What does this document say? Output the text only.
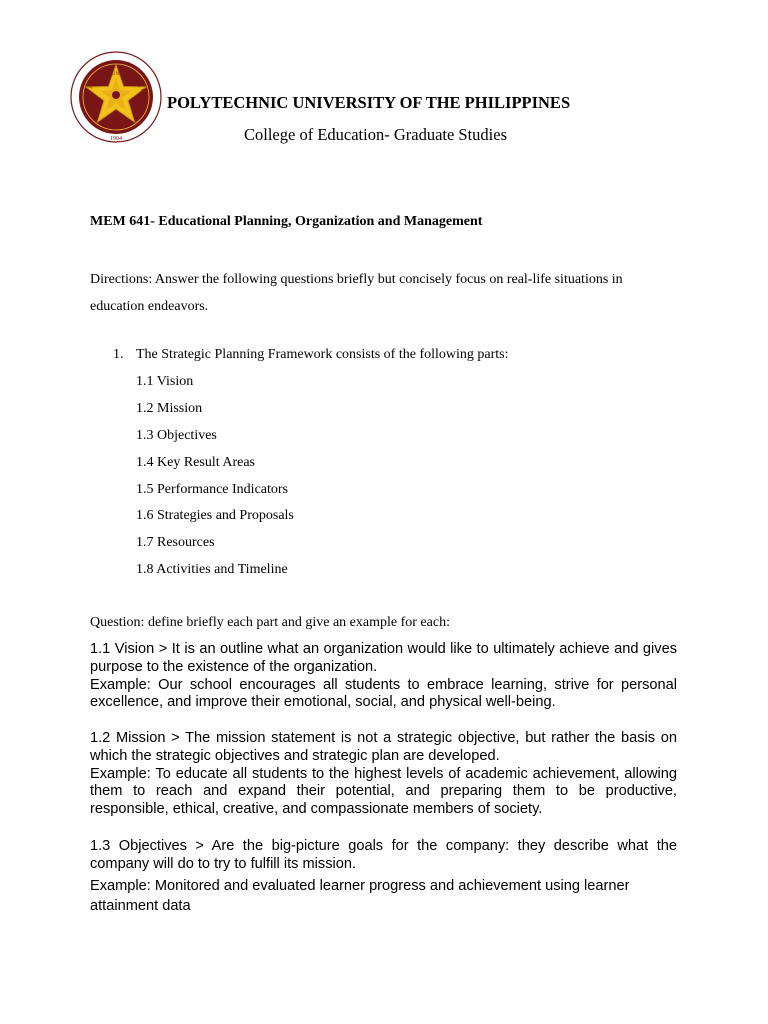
POLYTECHNIC UNIVERSITY OF TH
1904
POLYTECHNIC UNIVERSITY OF THE PHILIPPINES
College of Education- Graduate Studies
MEM 641- Educational Planning, Organization and Management
Directions: Answer the following questions briefly but concisely focus on real-life situations in education endeavors.
1. The Strategic Planning Framework consists of the following parts:
1.1 Vision
1.2 Mission
1.3 Objectives
1.4 Key Result Areas
1.5 Performance Indicators
1.6 Strategies and Proposals
1.7 Resources
1.8 Activities and Timeline
Question: define briefly each part and give an example for each:

1.1 Vision > It is an outline what an organization would like to ultimately achieve and gives purpose to the existence of the organization.

Example: Our school encourages all students to embrace learning, strive for personal excellence, and improve their emotional, social, and physical well-being.

1.2 Mission > The mission statement is not a strategic objective, but rather the basis on which the strategic objectives and strategic plan are developed.

Example: To educate all students to the highest levels of academic achievement, allowing them to reach and expand their potential, and preparing them to be productive, responsible, ethical, creative, and compassionate members of society.

1.3 Objectives > Are the big-picture goals for the company: they describe what the company will do to try to fulfill its mission.

Example: Monitored and evaluated learner progress and achievement using learner attainment data
